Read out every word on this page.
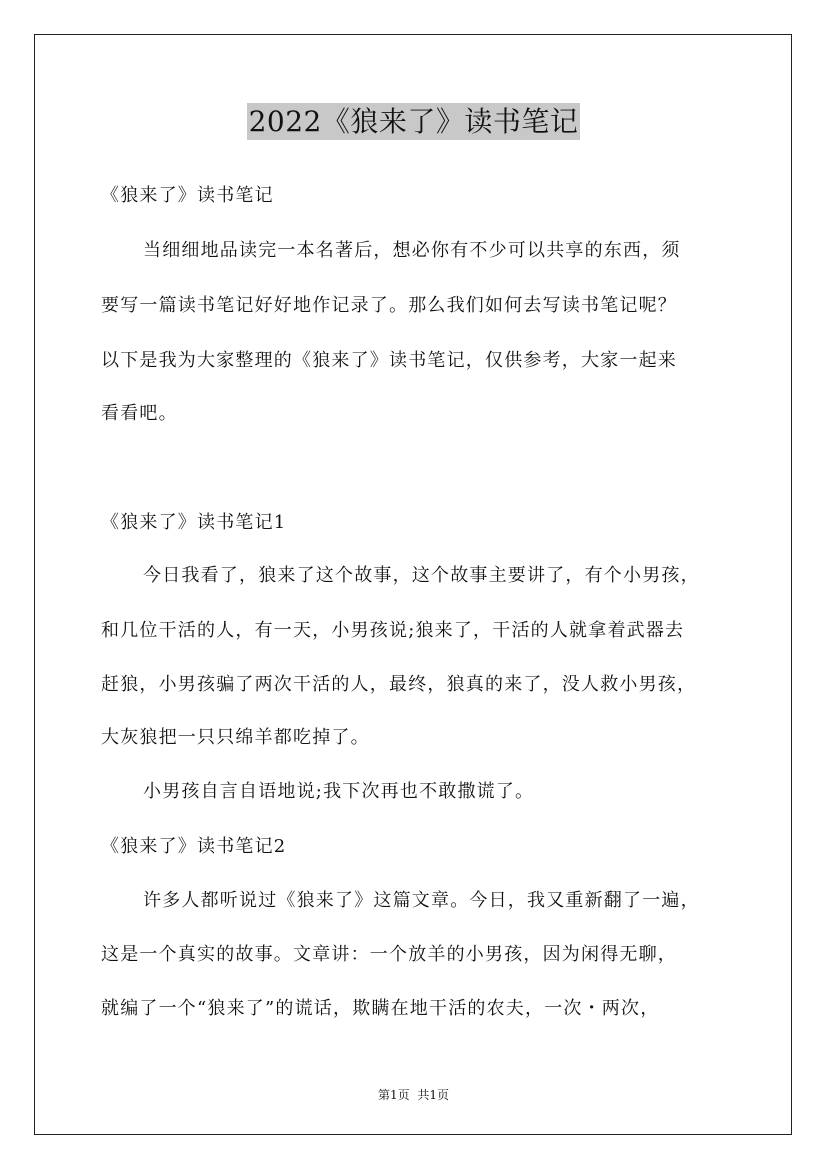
2022《狼来了》读书笔记
《狼来了》读书笔记
当细细地品读完一本名著后，想必你有不少可以共享的东西，须
要写一篇读书笔记好好地作记录了。那么我们如何去写读书笔记呢？
以下是我为大家整理的《狼来了》读书笔记，仅供参考，大家一起来
看看吧。
《狼来了》读书笔记1
今日我看了，狼来了这个故事，这个故事主要讲了，有个小男孩，
和几位干活的人，有一天，小男孩说;狼来了，干活的人就拿着武器去
赶狼，小男孩骗了两次干活的人，最终，狼真的来了，没人救小男孩，
大灰狼把一只只绵羊都吃掉了。
小男孩自言自语地说;我下次再也不敢撒谎了。
《狼来了》读书笔记2
许多人都听说过《狼来了》这篇文章。今日，我又重新翻了一遍，
这是一个真实的故事。文章讲：一个放羊的小男孩，因为闲得无聊，
就编了一个“狼来了”的谎话，欺瞒在地干活的农夫，一次・两次，
第1页 共1页
